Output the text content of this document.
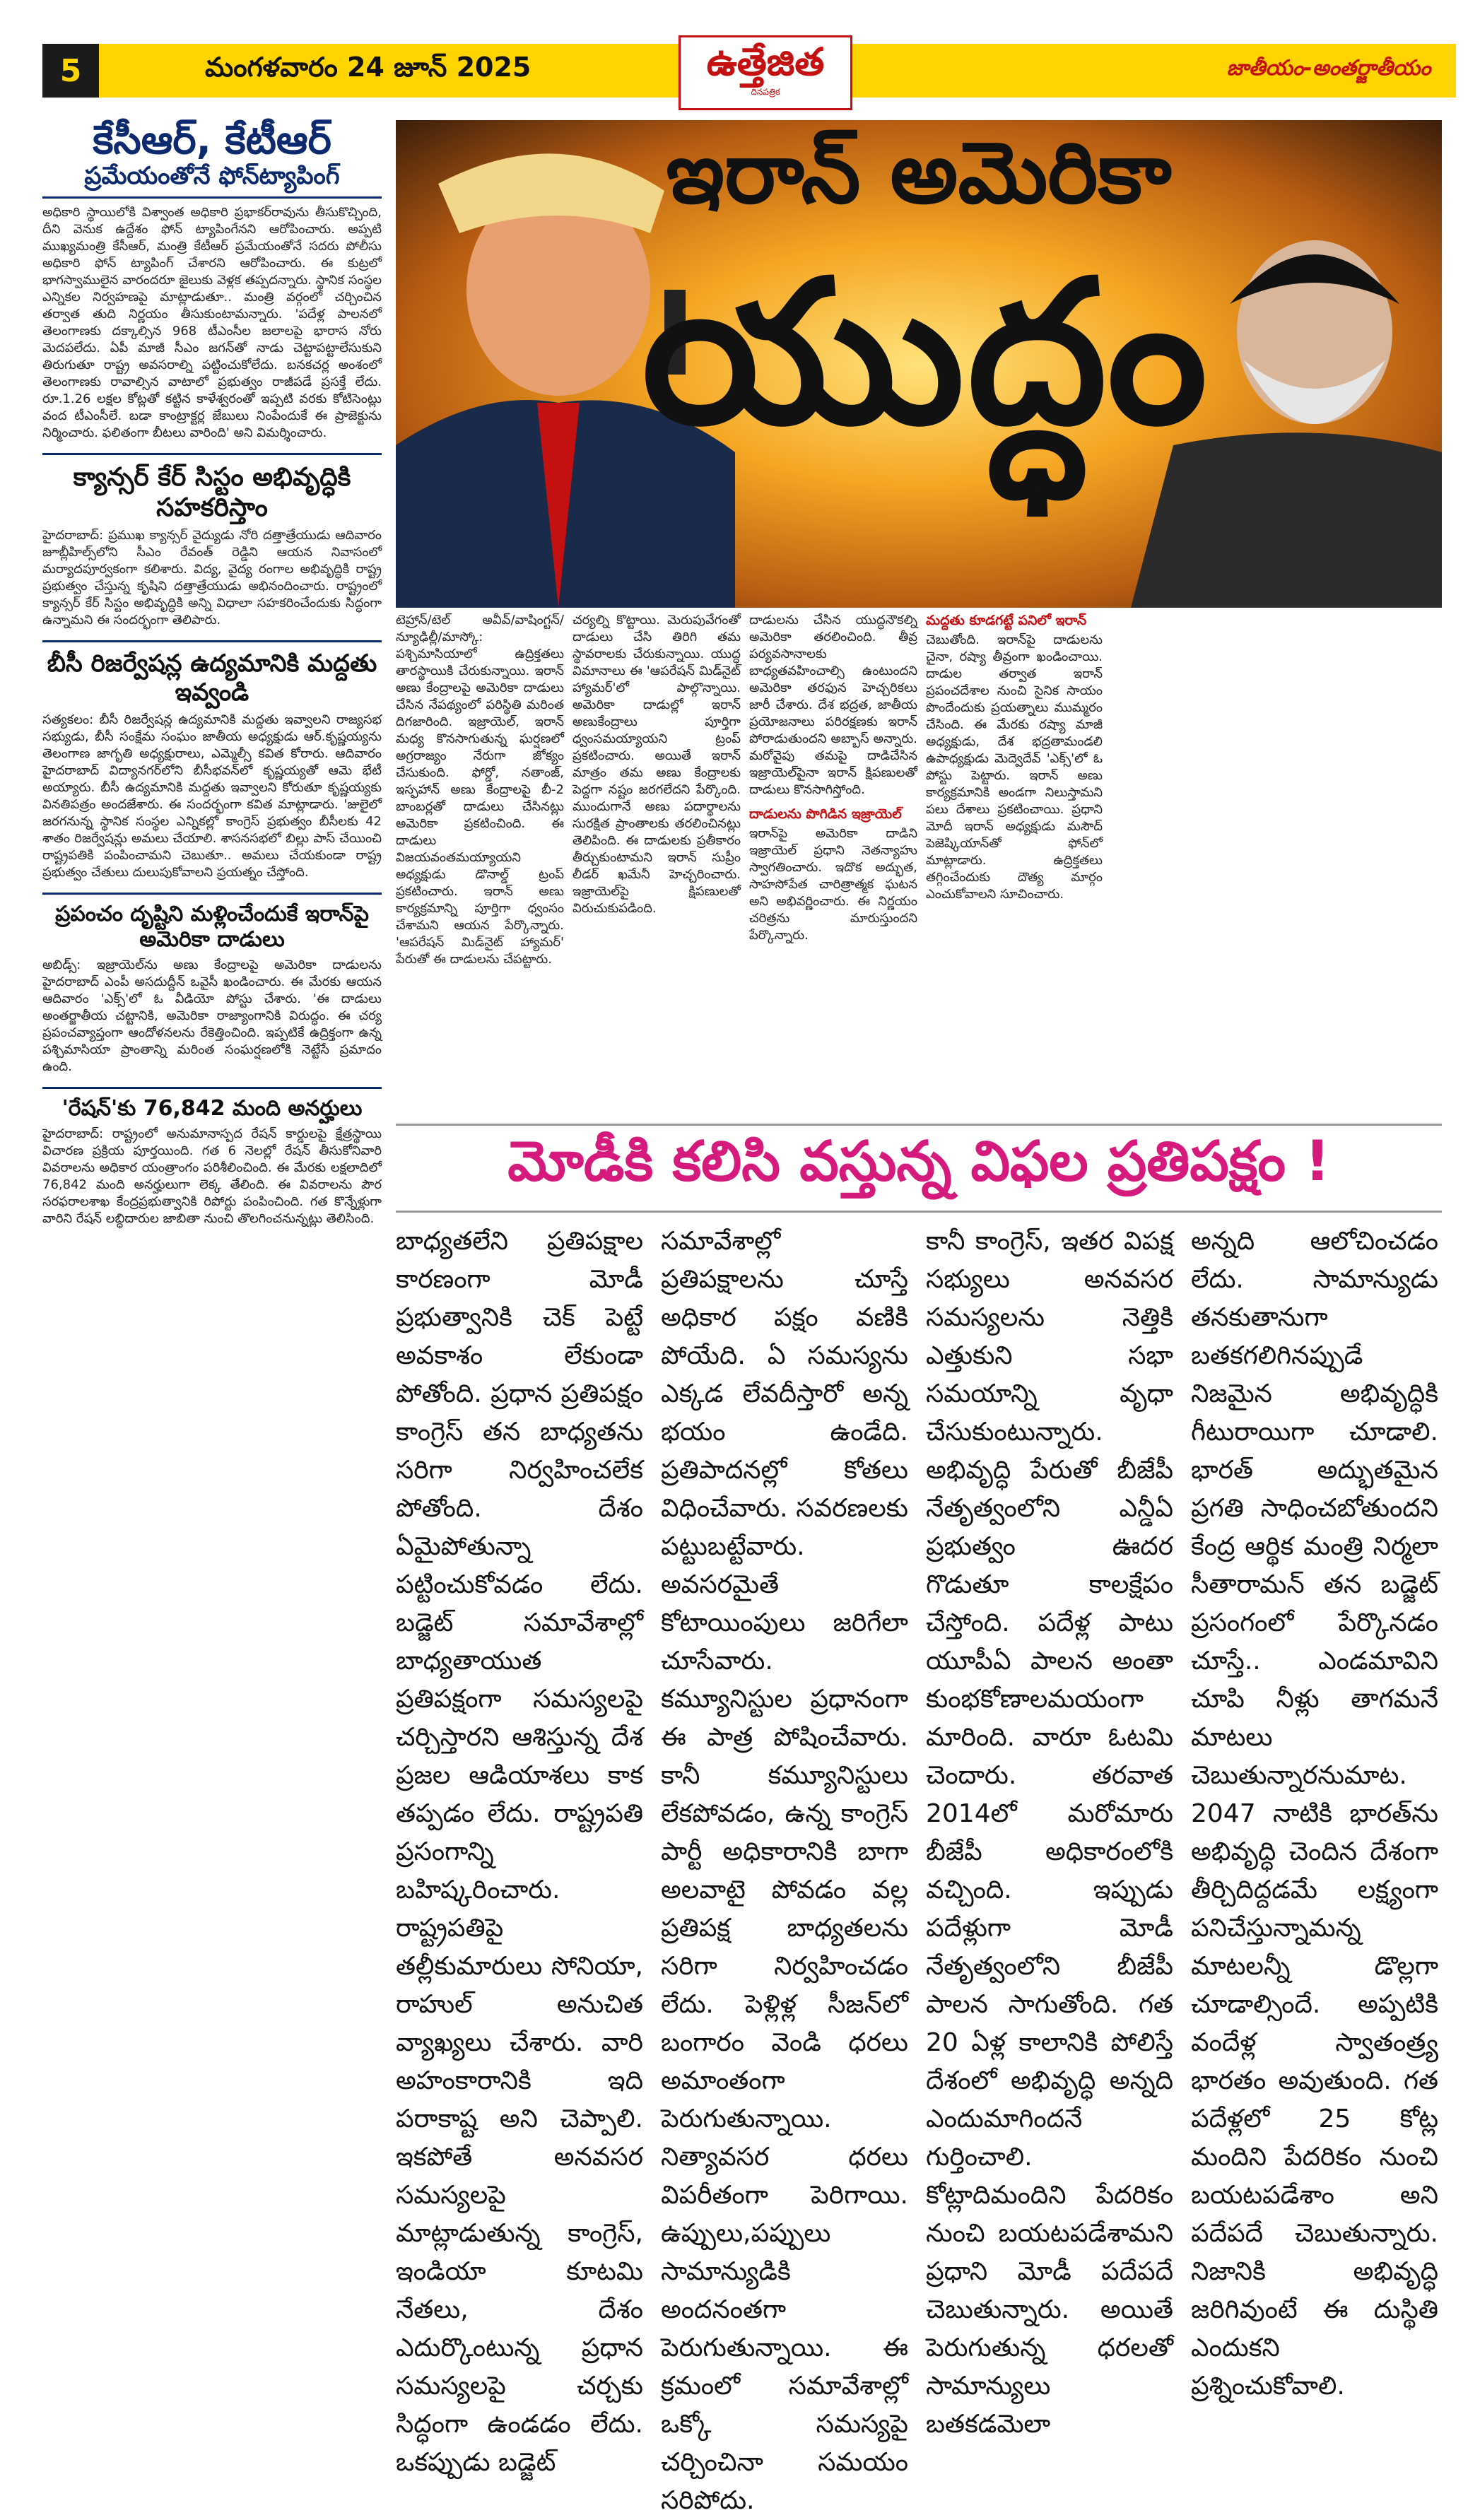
5	మంగళవారం 24 జూన్ 2025	ఉత్తేజిత
దినపత్రిక
జాతీయం-అంతర్జాతీయం
కేసీఆర్, కేటీఆర్
ప్రమేయంతోనే ఫోన్‌ట్యాపింగ్

అధికారి స్థాయిలోకి విశ్వాంత అధికారి ప్రభాకర్‌రావును తీసుకొచ్చింది, దీని వెనుక ఉద్దేశం ఫోన్ ట్యాపింగేనని ఆరోపించారు. అప్పటి ముఖ్యమంత్రి కేసీఆర్, మంత్రి కేటీఆర్ ప్రమేయంతోనే సదరు పోలీసు అధికారి ఫోన్ ట్యాపింగ్ చేశారని ఆరోపించారు. ఈ కుట్రలో భాగస్వాములైన వారందరూ జైలుకు వెళ్లక తప్పదన్నారు. స్థానిక సంస్థల ఎన్నికల నిర్వహణపై మాట్లాడుతూ.. మంత్రి వర్గంలో చర్చించిన తర్వాత తుది నిర్ణయం తీసుకుంటామన్నారు. 'పదేళ్ల పాలనలో తెలంగాణకు దక్కాల్సిన 968 టీఎంసీల జలాలపై భారాస నోరు మెదపలేదు. ఏపీ మాజీ సీఎం జగన్‌తో నాడు చెట్టాపట్టాలేసుకుని తిరుగుతూ రాష్ట్ర అవసరాల్ని పట్టించుకోలేదు. బనకచర్ల అంశంలో తెలంగాణకు రావాల్సిన వాటాలో ప్రభుత్వం రాజీపడే ప్రసక్తే లేదు. రూ.1.26 లక్షల కోట్లతో కట్టిన కాళేశ్వరంతో ఇప్పటి వరకు కోటిసెంట్లు వంద టీఎంసీలే. బడా కాంట్రాక్టర్ల జేబులు నింపేందుకే ఈ ప్రాజెక్టును నిర్మించారు. ఫలితంగా బీటలు వారింది' అని విమర్శించారు.

క్యాన్సర్ కేర్ సిస్టం అభివృద్ధికి సహకరిస్తాం

హైదరాబాద్: ప్రముఖ క్యాన్సర్ వైద్యుడు నోరి దత్తాత్రేయుడు ఆదివారం జూబ్లీహిల్స్‌లోని సీఎం రేవంత్ రెడ్డిని ఆయన నివాసంలో మర్యాదపూర్వకంగా కలిశారు. విద్య, వైద్య రంగాల అభివృద్ధికి రాష్ట్ర ప్రభుత్వం చేస్తున్న కృషిని దత్తాత్రేయుడు అభినందించారు. రాష్ట్రంలో క్యాన్సర్ కేర్ సిస్టం అభివృద్ధికి అన్ని విధాలా సహకరించేందుకు సిద్ధంగా ఉన్నామని ఈ సందర్భంగా తెలిపారు.

బీసీ రిజర్వేషన్ల ఉద్యమానికి మద్దతు ఇవ్వండి

సత్యకలం: బీసీ రిజర్వేషన్ల ఉద్యమానికి మద్దతు ఇవ్వాలని రాజ్యసభ సభ్యుడు, బీసీ సంక్షేమ సంఘం జాతీయ అధ్యక్షుడు ఆర్.కృష్ణయ్యను తెలంగాణ జాగృతి అధ్యక్షురాలు, ఎమ్మెల్సీ కవిత కోరారు. ఆదివారం హైదరాబాద్ విద్యానగర్‌లోని బీసీభవన్‌లో కృష్ణయ్యతో ఆమె భేటీ అయ్యారు. బీసీ ఉద్యమానికి మద్దతు ఇవ్వాలని కోరుతూ కృష్ణయ్యకు వినతిపత్రం అందజేశారు. ఈ సందర్భంగా కవిత మాట్లాడారు. 'జులైలో జరగనున్న స్థానిక సంస్థల ఎన్నికల్లో కాంగ్రెస్ ప్రభుత్వం బీసీలకు 42 శాతం రిజర్వేషన్లు అమలు చేయాలి. శాసనసభలో బిల్లు పాస్ చేయించి రాష్ట్రపతికి పంపించామని చెబుతూ.. అమలు చేయకుండా రాష్ట్ర ప్రభుత్వం చేతులు దులుపుకోవాలని ప్రయత్నం చేస్తోంది.

ప్రపంచం దృష్టిని మళ్లించేందుకే ఇరాన్‌పై అమెరికా దాడులు

అబిడ్స్: ఇజ్రాయెల్‌ను అణు కేంద్రాలపై అమెరికా దాడులను హైదరాబాద్ ఎంపీ అసదుద్దీన్ ఒవైసీ ఖండించారు. ఈ మేరకు ఆయన ఆదివారం 'ఎక్స్'లో ఓ వీడియో పోస్టు చేశారు. 'ఈ దాడులు అంతర్జాతీయ చట్టానికి, అమెరికా రాజ్యాంగానికి విరుద్ధం. ఈ చర్య ప్రపంచవ్యాప్తంగా ఆందోళనలను రేకెత్తించింది. ఇప్పటికే ఉద్రిక్తంగా ఉన్న పశ్చిమాసియా ప్రాంతాన్ని మరింత సంఘర్షణలోకి నెట్టేసే ప్రమాదం ఉంది.

'రేషన్'కు 76,842 మంది అనర్హులు

హైదరాబాద్: రాష్ట్రంలో అనుమానాస్పద రేషన్ కార్డులపై క్షేత్రస్థాయి విచారణ ప్రక్రియ పూర్తయింది. గత 6 నెలల్లో రేషన్ తీసుకోనివారి వివరాలను అధికార యంత్రాంగం పరిశీలించింది. ఈ మేరకు లక్షలాదిలో 76,842 మంది అనర్హులుగా లెక్క తేలింది. ఈ వివరాలను పౌర సరఫరాలశాఖ కేంద్రప్రభుత్వానికి రిపోర్టు పంపించింది. గత కొన్నేళ్లుగా వారిని రేషన్ లబ్ధిదారుల జాబితా నుంచి తొలగించనున్నట్లు తెలిసింది.

ఇరాన్ అమెరికా
యుద్ధం
టెహ్రాన్/టెల్ అవీవ్/వాషింగ్టన్/న్యూఢిల్లీ/మాస్కో: పశ్చిమాసియాలో ఉద్రిక్తతలు తారస్థాయికి చేరుకున్నాయి. ఇరాన్ అణు కేంద్రాలపై అమెరికా దాడులు చేసిన నేపథ్యంలో పరిస్థితి మరింత దిగజారింది. ఇజ్రాయెల్, ఇరాన్ మధ్య కొనసాగుతున్న ఘర్షణలో అగ్రరాజ్యం నేరుగా జోక్యం చేసుకుంది. ఫోర్డో, నతాంజ్, ఇస్ఫహాన్ అణు కేంద్రాలపై బీ-2 బాంబర్లతో దాడులు చేసినట్లు అమెరికా ప్రకటించింది. ఈ దాడులు విజయవంతమయ్యాయని అధ్యక్షుడు డొనాల్డ్ ట్రంప్ ప్రకటించారు. ఇరాన్ అణు కార్యక్రమాన్ని పూర్తిగా ధ్వంసం చేశామని ఆయన పేర్కొన్నారు. 'ఆపరేషన్ మిడ్‌నైట్ హ్యామర్' పేరుతో ఈ దాడులను చేపట్టారు.
చర్యల్ని కొట్టాయి. మెరుపువేగంతో దాడులు చేసి తిరిగి తమ స్థావరాలకు చేరుకున్నాయి. యుద్ధ విమానాలు ఈ 'ఆపరేషన్ మిడ్‌నైట్ హ్యామర్'లో పాల్గొన్నాయి. అమెరికా దాడుల్లో ఇరాన్ అణుకేంద్రాలు పూర్తిగా ధ్వంసమయ్యాయని ట్రంప్ ప్రకటించారు. అయితే ఇరాన్ మాత్రం తమ అణు కేంద్రాలకు పెద్దగా నష్టం జరగలేదని పేర్కొంది. ముందుగానే అణు పదార్థాలను సురక్షిత ప్రాంతాలకు తరలించినట్లు తెలిపింది. ఈ దాడులకు ప్రతీకారం తీర్చుకుంటామని ఇరాన్ సుప్రీం లీడర్ ఖమేనీ హెచ్చరించారు. ఇజ్రాయెల్‌పై క్షిపణులతో విరుచుకుపడింది.
దాడులను చేసిన యుద్ధనౌకల్ని అమెరికా తరలించింది. తీవ్ర పర్యవసానాలకు బాధ్యతవహించాల్సి ఉంటుందని అమెరికా తరఫున హెచ్చరికలు జారీ చేశారు. దేశ భద్రత, జాతీయ ప్రయోజనాలు పరిరక్షణకు ఇరాన్ పోరాడుతుందని అబ్బాస్ అన్నారు. మరోవైపు తమపై దాడిచేసిన ఇజ్రాయెల్‌పైనా ఇరాన్ క్షిపణులతో దాడులు కొనసాగిస్తోంది.
దాడులను పొగిడిన ఇజ్రాయెల్
ఇరాన్‌పై అమెరికా దాడిని ఇజ్రాయెల్ ప్రధాని నెతన్యాహు స్వాగతించారు. ఇదొక అద్భుత, సాహసోపేత చారిత్రాత్మక ఘటన అని అభివర్ణించారు. ఈ నిర్ణయం చరిత్రను మారుస్తుందని పేర్కొన్నారు.
మద్దతు కూడగట్టే పనిలో ఇరాన్
చెబుతోంది. ఇరాన్‌పై దాడులను చైనా, రష్యా తీవ్రంగా ఖండించాయి. దాడుల తర్వాత ఇరాన్ ప్రపంచదేశాల నుంచి సైనిక సాయం పొందేందుకు ప్రయత్నాలు ముమ్మరం చేసింది. ఈ మేరకు రష్యా మాజీ అధ్యక్షుడు, దేశ భద్రతామండలి ఉపాధ్యక్షుడు మెద్వెదేవ్ 'ఎక్స్'లో ఓ పోస్టు పెట్టారు. ఇరాన్ అణు కార్యక్రమానికి అండగా నిలుస్తామని పలు దేశాలు ప్రకటించాయి. ప్రధాని మోదీ ఇరాన్ అధ్యక్షుడు మసౌద్ పెజెష్కియాన్‌తో ఫోన్‌లో మాట్లాడారు. ఉద్రిక్తతలు తగ్గించేందుకు దౌత్య మార్గం ఎంచుకోవాలని సూచించారు.
మోడీకి కలిసి వస్తున్న విఫల ప్రతిపక్షం !
బాధ్యతలేని ప్రతిపక్షాల కారణంగా మోడీ ప్రభుత్వానికి చెక్ పెట్టే అవకాశం లేకుండా పోతోంది. ప్రధాన ప్రతిపక్షం కాంగ్రెస్ తన బాధ్యతను సరిగా నిర్వహించలేక పోతోంది. దేశం ఏమైపోతున్నా పట్టించుకోవడం లేదు. బడ్జెట్ సమావేశాల్లో బాధ్యతాయుత ప్రతిపక్షంగా సమస్యలపై చర్చిస్తారని ఆశిస్తున్న దేశ ప్రజల ఆడియాశలు కాక తప్పడం లేదు. రాష్ట్రపతి ప్రసంగాన్ని బహిష్కరించారు. రాష్ట్రపతిపై తల్లీకుమారులు సోనియా, రాహుల్ అనుచిత వ్యాఖ్యలు చేశారు. వారి అహంకారానికి ఇది పరాకాష్ట అని చెప్పాలి. ఇకపోతే అనవసర సమస్యలపై మాట్లాడుతున్న కాంగ్రెస్, ఇండియా కూటమి నేతలు, దేశం ఎదుర్కొంటున్న ప్రధాన సమస్యలపై చర్చకు సిద్ధంగా ఉండడం లేదు. ఒకప్పుడు బడ్జెట్
సమావేశాల్లో ప్రతిపక్షాలను చూస్తే అధికార పక్షం వణికి పోయేది. ఏ సమస్యను ఎక్కడ లేవదీస్తారో అన్న భయం ఉండేది. ప్రతిపాదనల్లో కోతలు విధించేవారు. సవరణలకు పట్టుబట్టేవారు. అవసరమైతే కోటాయింపులు జరిగేలా చూసేవారు. కమ్యూనిస్టుల ప్రధానంగా ఈ పాత్ర పోషించేవారు. కానీ కమ్యూనిస్టులు లేకపోవడం, ఉన్న కాంగ్రెస్ పార్టీ అధికారానికి బాగా అలవాటై పోవడం వల్ల ప్రతిపక్ష బాధ్యతలను సరిగా నిర్వహించడం లేదు. పెళ్లిళ్ల సీజన్‌లో బంగారం వెండి ధరలు అమాంతంగా పెరుగుతున్నాయి. నిత్యావసర ధరలు విపరీతంగా పెరిగాయి. ఉప్పులు,పప్పులు సామాన్యుడికి అందనంతగా పెరుగుతున్నాయి. ఈ క్రమంలో సమావేశాల్లో ఒక్కో సమస్యపై చర్చించినా సమయం సరిపోదు.
కానీ కాంగ్రెస్, ఇతర విపక్ష సభ్యులు అనవసర సమస్యలను నెత్తికి ఎత్తుకుని సభా సమయాన్ని వృధా చేసుకుంటున్నారు. అభివృద్ధి పేరుతో బీజేపీ నేతృత్వంలోని ఎన్డీఏ ప్రభుత్వం ఊదర గొడుతూ కాలక్షేపం చేస్తోంది. పదేళ్ల పాటు యూపీఏ పాలన అంతా కుంభకోణాలమయంగా మారింది. వారూ ఓటమి చెందారు. తరవాత 2014లో మరోమారు బీజేపీ అధికారంలోకి వచ్చింది. ఇప్పుడు పదేళ్లుగా మోడీ నేతృత్వంలోని బీజేపీ పాలన సాగుతోంది. గత 20 ఏళ్ల కాలానికి పోలిస్తే దేశంలో అభివృద్ధి అన్నది ఎందుమాగిందనే గుర్తించాలి. కోట్లాదిమందిని పేదరికం నుంచి బయటపడేశామని ప్రధాని మోడీ పదేపదే చెబుతున్నారు. అయితే పెరుగుతున్న ధరలతో సామాన్యులు బతకడమెలా
అన్నది ఆలోచించడం లేదు. సామాన్యుడు తనకుతానుగా బతకగలిగినప్పుడే నిజమైన అభివృద్ధికి గీటురాయిగా చూడాలి. భారత్ అద్భుతమైన ప్రగతి సాధించబోతుందని కేంద్ర ఆర్థిక మంత్రి నిర్మలా సీతారామన్ తన బడ్జెట్ ప్రసంగంలో పేర్కొనడం చూస్తే.. ఎండమావిని చూపి నీళ్లు తాగమనే మాటలు చెబుతున్నారనుమాట. 2047 నాటికి భారత్‌ను అభివృద్ధి చెందిన దేశంగా తీర్చిదిద్దడమే లక్ష్యంగా పనిచేస్తున్నామన్న మాటలన్నీ డొల్లగా చూడాల్సిందే. అప్పటికి వందేళ్ల స్వాతంత్ర్య భారతం అవుతుంది. గత పదేళ్లలో 25 కోట్ల మందిని పేదరికం నుంచి బయటపడేశాం అని పదేపదే చెబుతున్నారు. నిజానికి అభివృద్ధి జరిగివుంటే ఈ దుస్థితి ఎందుకని ప్రశ్నించుకోవాలి.
